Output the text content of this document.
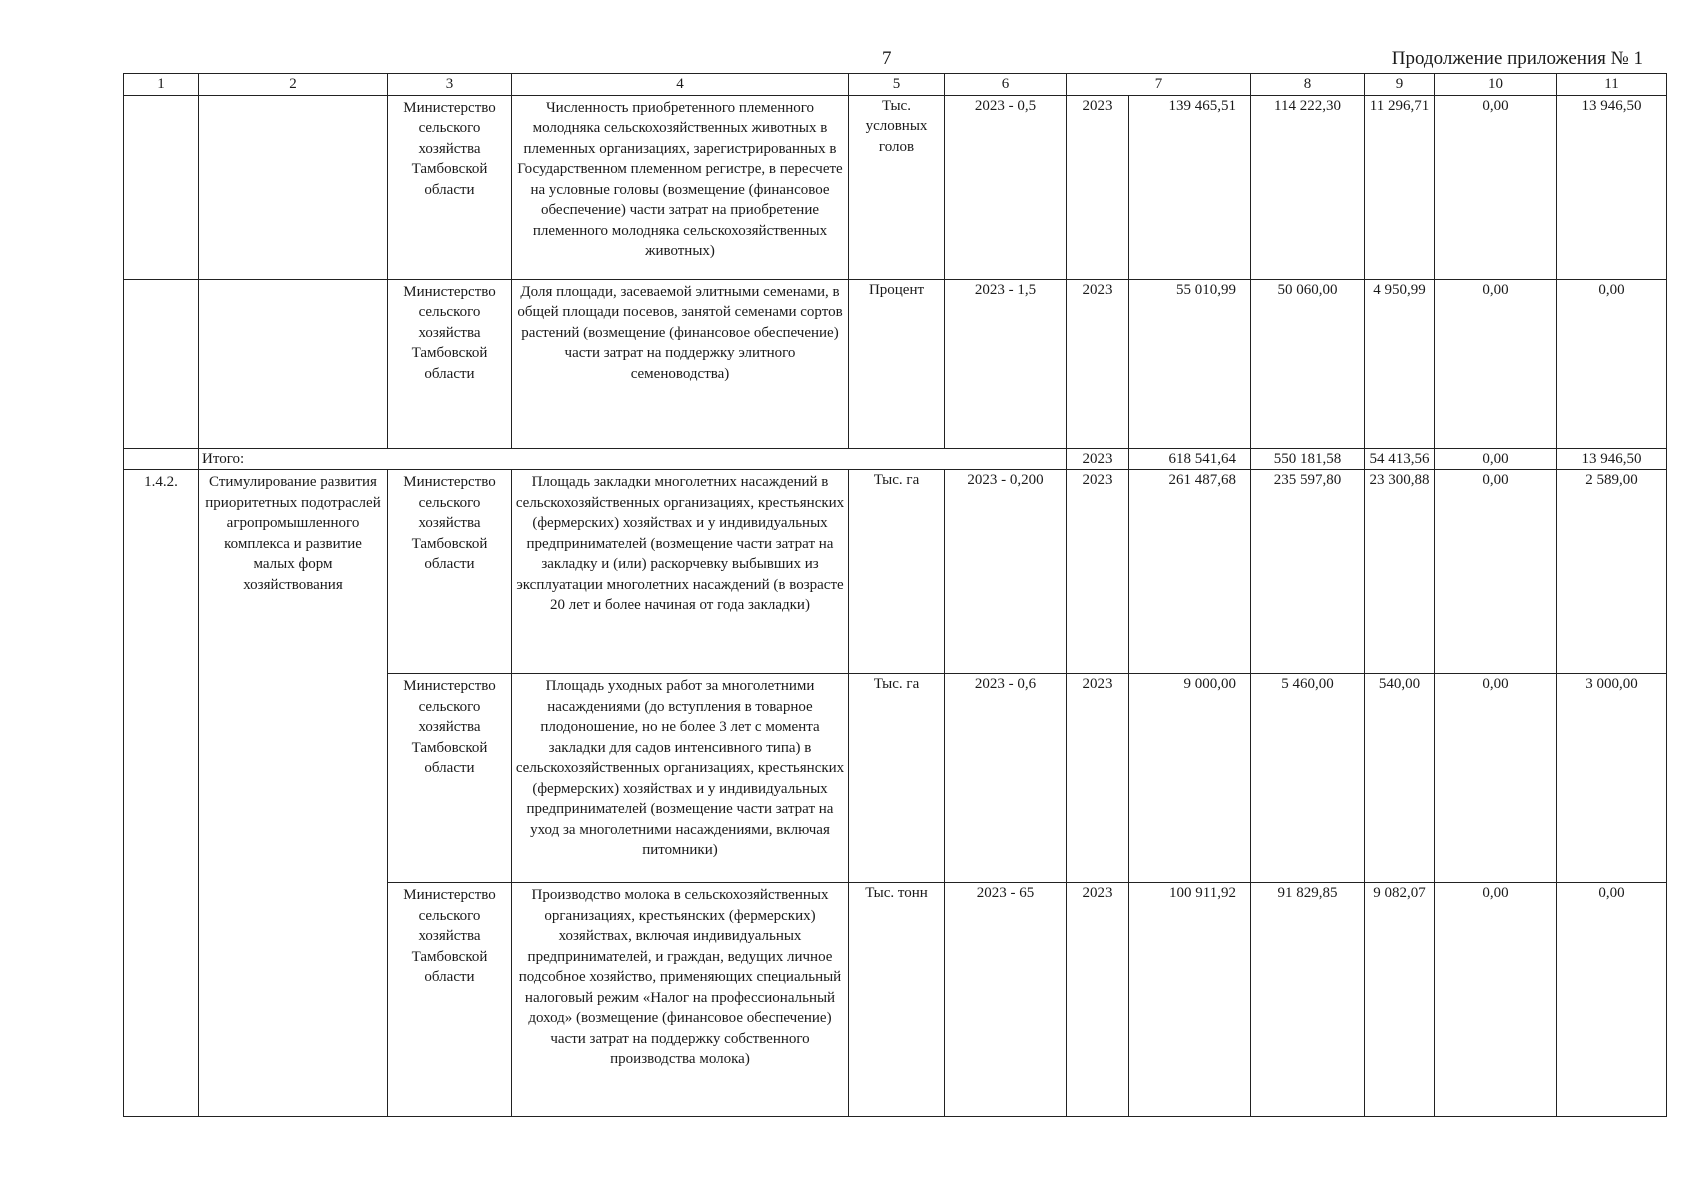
7	Продолжение приложения № 1
1	2	3	4	5	6	7		8	9	10	11
		Министерство сельского хозяйства Тамбовской области	Численность приобретенного племенного молодняка сельскохозяйственных животных в племенных организациях, зарегистрированных в Государственном племенном регистре, в пересчете на условные головы (возмещение (финансовое обеспечение) части затрат на приобретение племенного молодняка сельскохозяйственных животных)	Тыс. условных голов	2023 - 0,5	2023	139 465,51	114 222,30	11 296,71	0,00	13 946,50
		Министерство сельского хозяйства Тамбовской области	Доля площади, засеваемой элитными семенами, в общей площади посевов, занятой семенами сортов растений (возмещение (финансовое обеспечение) части затрат на поддержку элитного семеноводства)	Процент	2023 - 1,5	2023	55 010,99	50 060,00	4 950,99	0,00	0,00
	Итого:					2023	618 541,64	550 181,58	54 413,56	0,00	13 946,50
1.4.2.	Стимулирование развития приоритетных подотраслей агропромышленного комплекса и развитие малых форм хозяйствования	Министерство сельского хозяйства Тамбовской области	Площадь закладки многолетних насаждений в сельскохозяйственных организациях, крестьянских (фермерских) хозяйствах и у индивидуальных предпринимателей (возмещение части затрат на закладку и (или) раскорчевку выбывших из эксплуатации многолетних насаждений (в возрасте 20 лет и более начиная от года закладки)	Тыс. га	2023 - 0,200	2023	261 487,68	235 597,80	23 300,88	0,00	2 589,00
		Министерство сельского хозяйства Тамбовской области	Площадь уходных работ за многолетними насаждениями (до вступления в товарное плодоношение, но не более 3 лет с момента закладки для садов интенсивного типа) в сельскохозяйственных организациях, крестьянских (фермерских) хозяйствах и у индивидуальных предпринимателей (возмещение части затрат на уход за многолетними насаждениями, включая питомники)	Тыс. га	2023 - 0,6	2023	9 000,00	5 460,00	540,00	0,00	3 000,00
		Министерство сельского хозяйства Тамбовской области	Производство молока в сельскохозяйственных организациях, крестьянских (фермерских) хозяйствах, включая индивидуальных предпринимателей, и граждан, ведущих личное подсобное хозяйство, применяющих специальный налоговый режим «Налог на профессиональный доход» (возмещение (финансовое обеспечение) части затрат на поддержку собственного производства молока)	Тыс. тонн	2023 - 65	2023	100 911,92	91 829,85	9 082,07	0,00	0,00
